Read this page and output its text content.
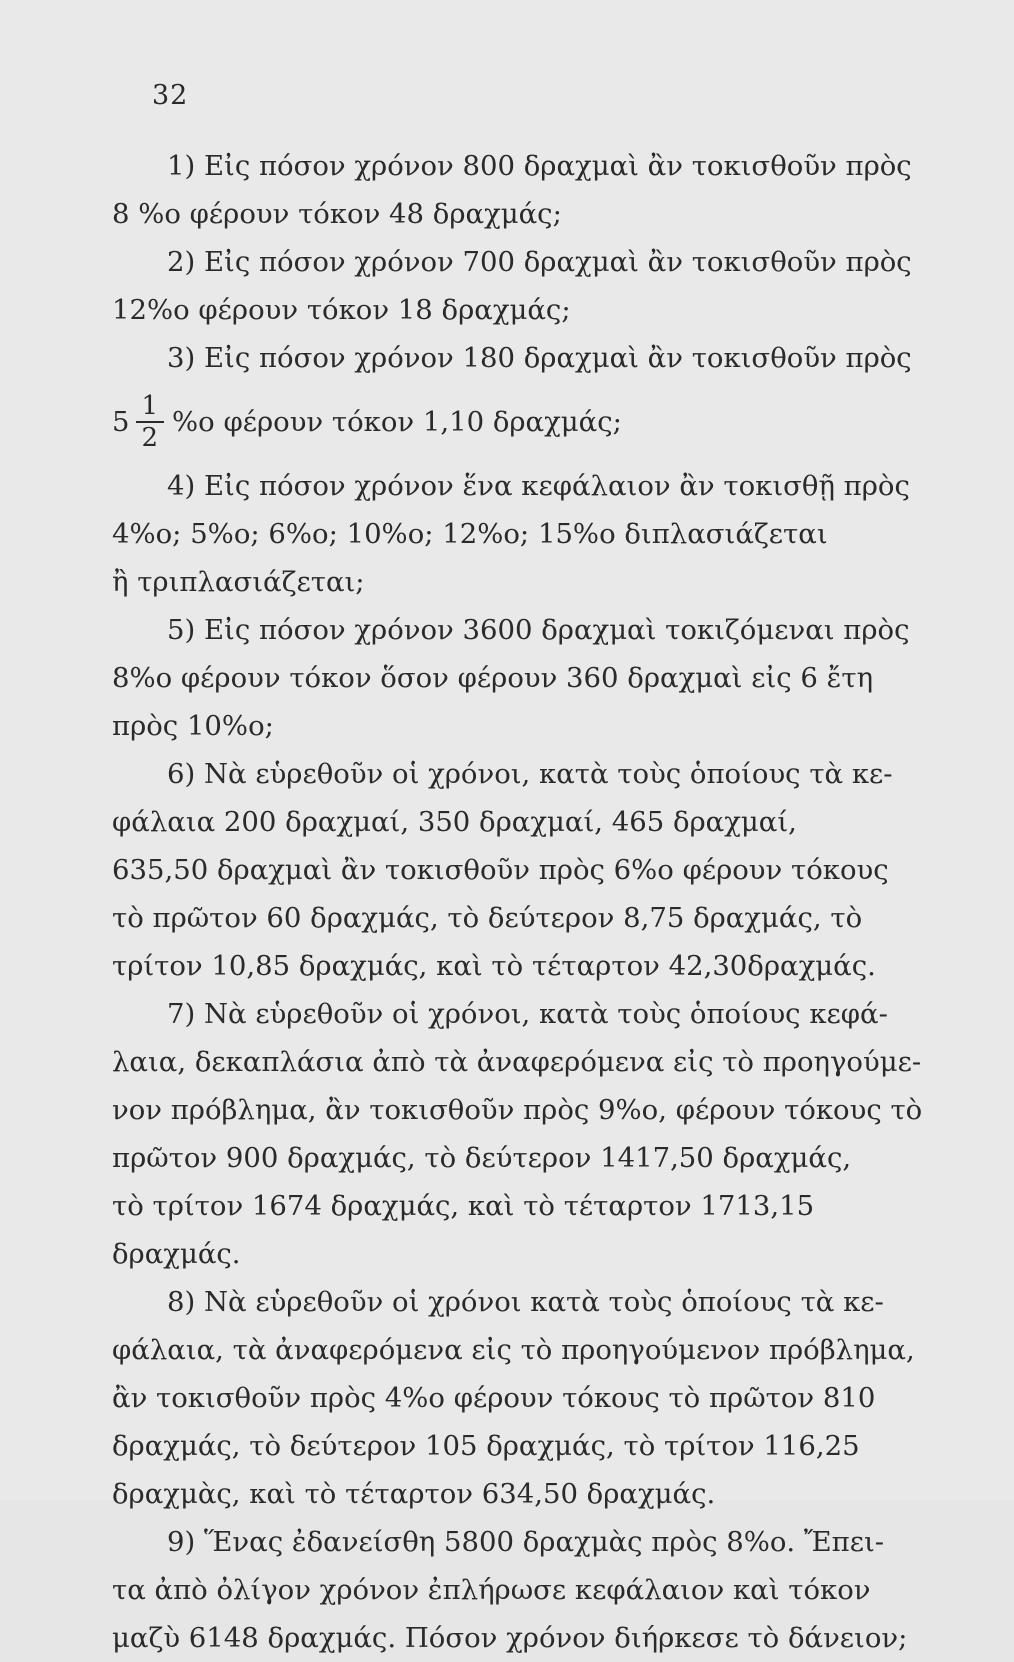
32
1) Εἰς πόσον χρόνον 800 δραχμαὶ ἂν τοκισθοῦν πρὸς
8 %ο φέρουν τόκον 48 δραχμάς;
2) Εἰς πόσον χρόνον 700 δραχμαὶ ἂν τοκισθοῦν πρὸς
12%ο φέρουν τόκον 18 δραχμάς;
3) Εἰς πόσον χρόνον 180 δραχμαὶ ἂν τοκισθοῦν πρὸς
$5 \frac{1}{2} \%o$ φέρουν τόκον 1,10 δραχμάς;
4) Εἰς πόσον χρόνον ἕνα κεφάλαιον ἂν τοκισθῇ πρὸς
4%ο; 5%ο; 6%ο; 10%ο; 12%ο; 15%ο διπλασιάζεται
ἢ τριπλασιάζεται;
5) Εἰς πόσον χρόνον 3600 δραχμαὶ τοκιζόμεναι πρὸς
8%ο φέρουν τόκον ὅσον φέρουν 360 δραχμαὶ εἰς 6 ἔτη
πρὸς 10%ο;
6) Νὰ εὑρεθοῦν οἱ χρόνοι, κατὰ τοὺς ὁποίους τὰ κε-
φάλαια 200 δραχμαί, 350 δραχμαί, 465 δραχμαί,
635,50 δραχμαὶ ἂν τοκισθοῦν πρὸς 6%ο φέρουν τόκους
τὸ πρῶτον 60 δραχμάς, τὸ δεύτερον 8,75 δραχμάς, τὸ
τρίτον 10,85 δραχμάς, καὶ τὸ τέταρτον 42,30δραχμάς.
7) Νὰ εὑρεθοῦν οἱ χρόνοι, κατὰ τοὺς ὁποίους κεφά-
λαια, δεκαπλάσια ἀπὸ τὰ ἀναφερόμενα εἰς τὸ προηγούμε-
νον πρόβλημα, ἂν τοκισθοῦν πρὸς 9%ο, φέρουν τόκους τὸ
πρῶτον 900 δραχμάς, τὸ δεύτερον 1417,50 δραχμάς,
τὸ τρίτον 1674 δραχμάς, καὶ τὸ τέταρτον 1713,15
δραχμάς.
8) Νὰ εὑρεθοῦν οἱ χρόνοι κατὰ τοὺς ὁποίους τὰ κε-
φάλαια, τὰ ἀναφερόμενα εἰς τὸ προηγούμενον πρόβλημα,
ἂν τοκισθοῦν πρὸς 4%ο φέρουν τόκους τὸ πρῶτον 810
δραχμάς, τὸ δεύτερον 105 δραχμάς, τὸ τρίτον 116,25
δραχμὰς, καὶ τὸ τέταρτον 634,50 δραχμάς.
9) Ἕνας ἐδανείσθη 5800 δραχμὰς πρὸς 8%ο. Ἔπει-
τα ἀπὸ ὀλίγον χρόνον ἐπλήρωσε κεφάλαιον καὶ τόκον
μαζὺ 6148 δραχμάς. Πόσον χρόνον διήρκεσε τὸ δάνειον;
